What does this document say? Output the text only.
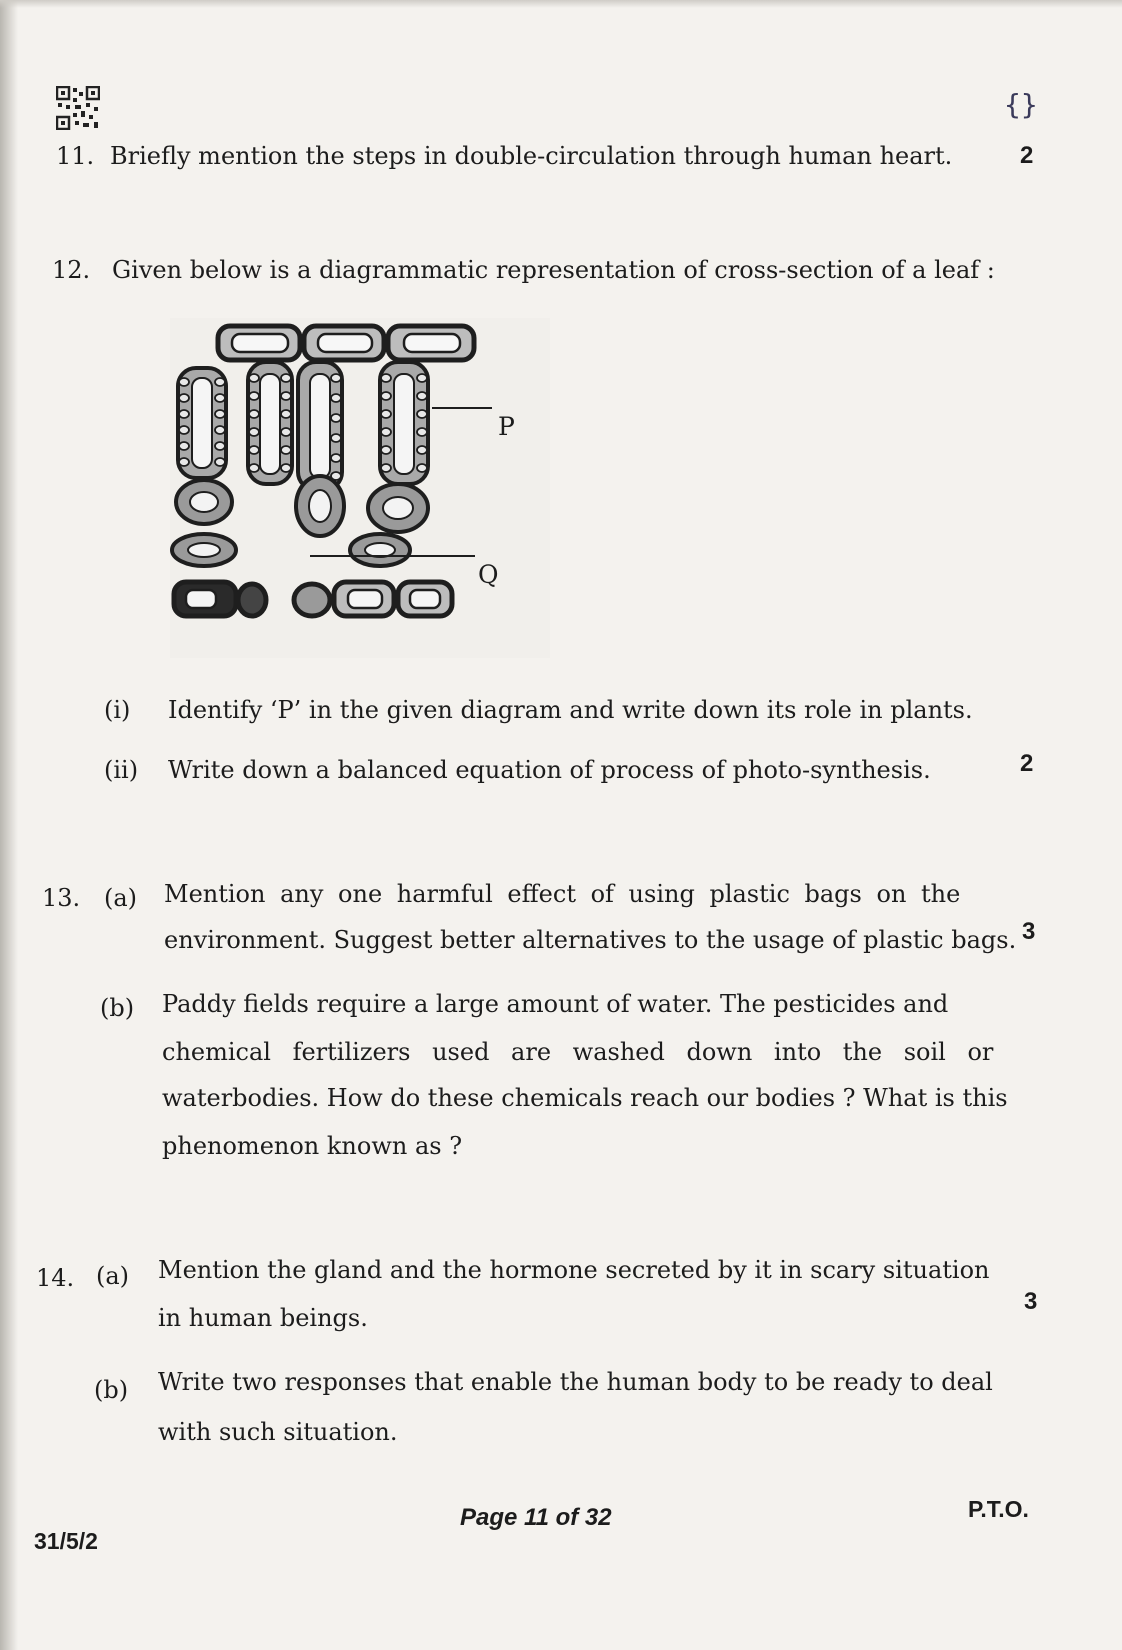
{}
11. Briefly mention the steps in double-circulation through human heart.	2
12. Given below is a diagrammatic representation of cross-section of a leaf :
P
Q
(i) Identify ‘P’ in the given diagram and write down its role in plants.
(ii) Write down a balanced equation of process of photo-synthesis.	2
13. (a) Mention any one harmful effect of using plastic bags on the
environment. Suggest better alternatives to the usage of plastic bags. 3
(b) Paddy fields require a large amount of water. The pesticides and
chemical fertilizers used are washed down into the soil or
waterbodies. How do these chemicals reach our bodies ? What is this
phenomenon known as ?
14. (a) Mention the gland and the hormone secreted by it in scary situation
in human beings.
3
(b) Write two responses that enable the human body to be ready to deal
with such situation.
Page 11 of 32
31/5/2
P.T.O.
